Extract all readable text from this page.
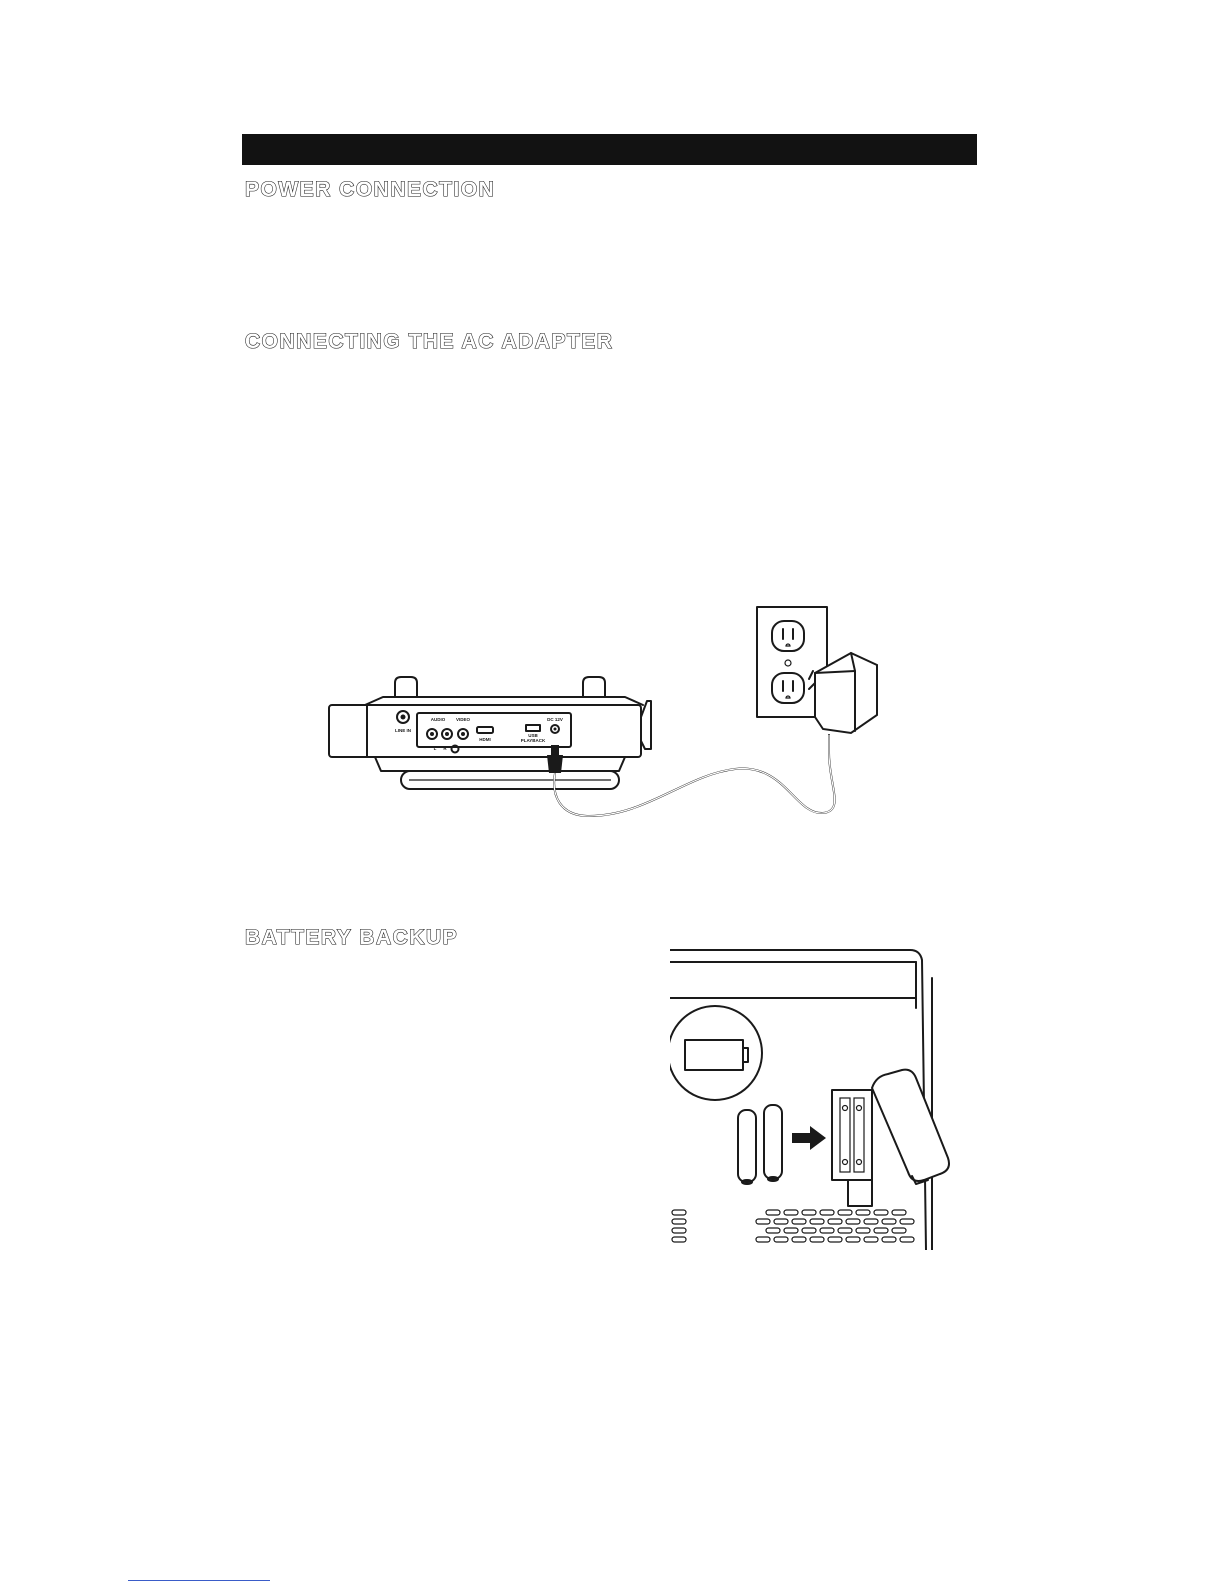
POWER CONNECTION
CONNECTING THE AC ADAPTER
BATTERY BACKUP
LINE IN
AUDIO VIDEO
L R
HDMI
USB
PLAYBACK
DC 12V
